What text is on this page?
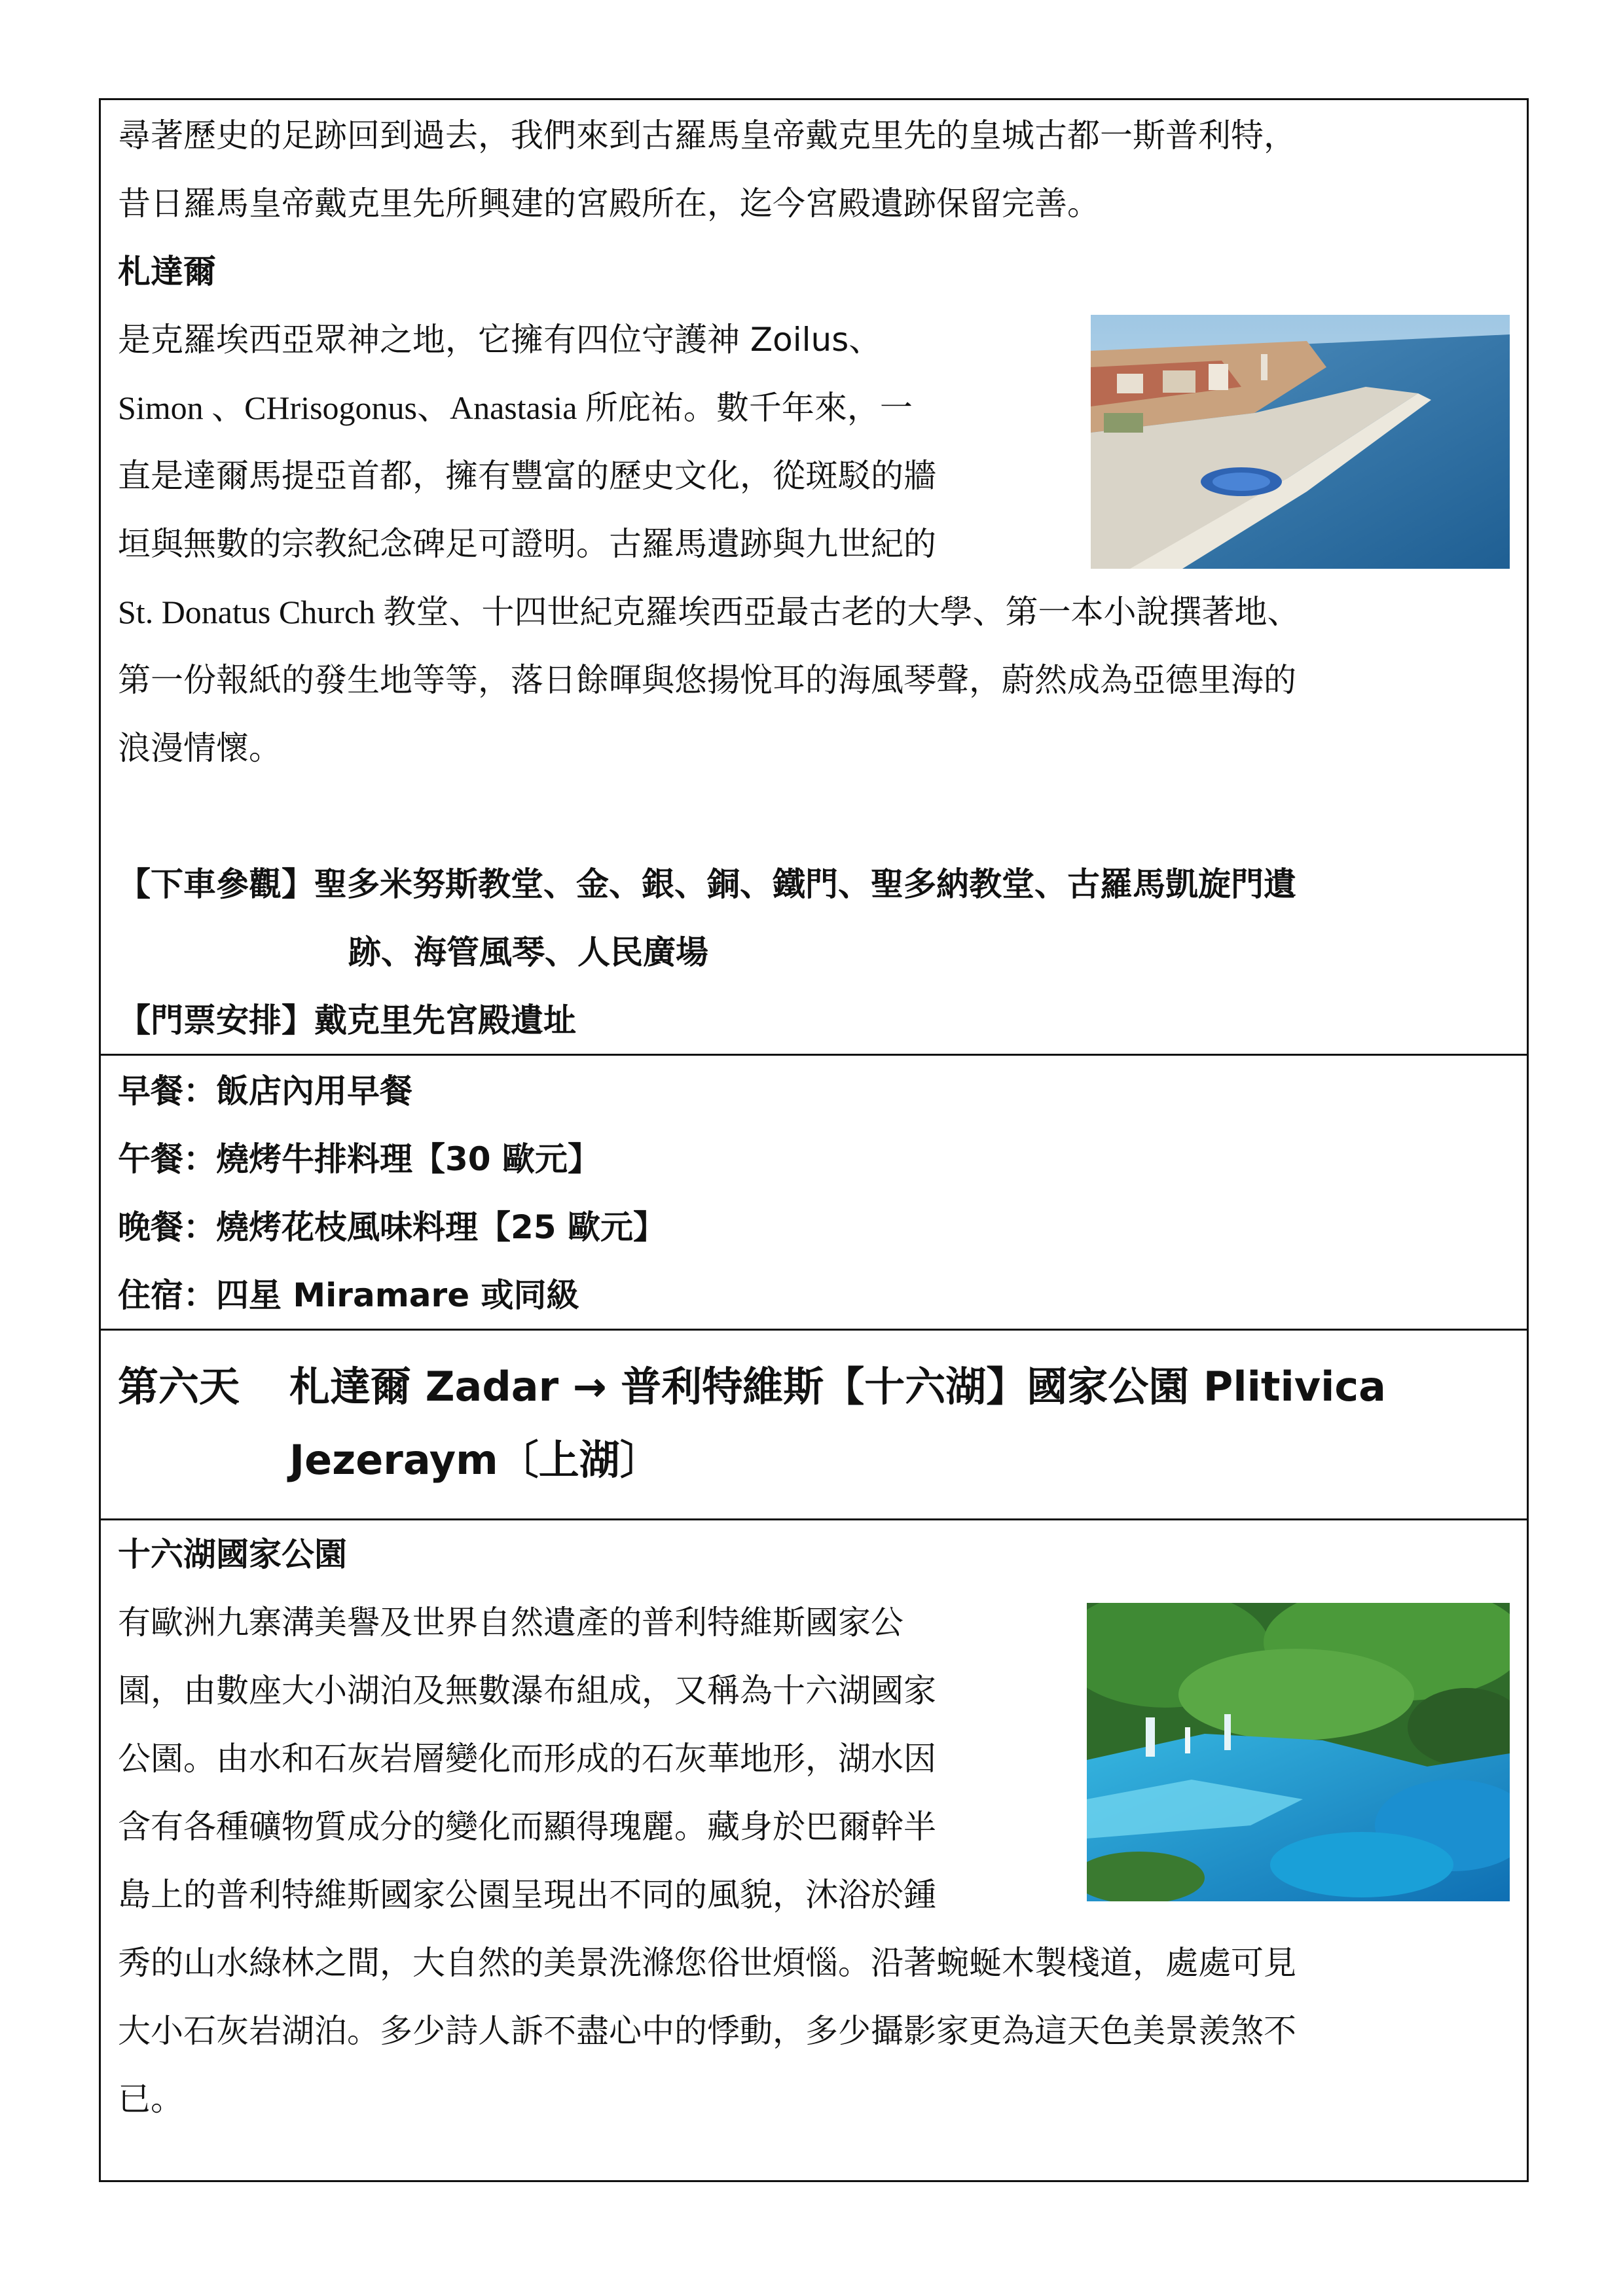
尋著歷史的足跡回到過去，我們來到古羅馬皇帝戴克里先的皇城古都一斯普利特，
昔日羅馬皇帝戴克里先所興建的宮殿所在，迄今宮殿遺跡保留完善。
札達爾
是克羅埃西亞眾神之地，它擁有四位守護神 Zoilus、
Simon 、CHrisogonus、Anastasia 所庇祐。數千年來，一
直是達爾馬提亞首都，擁有豐富的歷史文化，從斑駁的牆
垣與無數的宗教紀念碑足可證明。古羅馬遺跡與九世紀的
St. Donatus Church 教堂、十四世紀克羅埃西亞最古老的大學、第一本小說撰著地、
第一份報紙的發生地等等，落日餘暉與悠揚悅耳的海風琴聲，蔚然成為亞德里海的
浪漫情懷。
【下車參觀】聖多米努斯教堂、金、銀、銅、鐵門、聖多納教堂、古羅馬凱旋門遺
跡、海管風琴、人民廣場
【門票安排】戴克里先宮殿遺址
早餐：飯店內用早餐
午餐：燒烤牛排料理【30 歐元】
晚餐：燒烤花枝風味料理【25 歐元】
住宿：四星 Miramare 或同級
第六天 札達爾 Zadar → 普利特維斯【十六湖】國家公園 Plitivica
Jezeraym〔上湖〕
十六湖國家公園
有歐洲九寨溝美譽及世界自然遺產的普利特維斯國家公
園，由數座大小湖泊及無數瀑布組成，又稱為十六湖國家
公園。由水和石灰岩層變化而形成的石灰華地形，湖水因
含有各種礦物質成分的變化而顯得瑰麗。藏身於巴爾幹半
島上的普利特維斯國家公園呈現出不同的風貌，沐浴於鍾
秀的山水綠林之間，大自然的美景洗滌您俗世煩惱。沿著蜿蜒木製棧道，處處可見
大小石灰岩湖泊。多少詩人訴不盡心中的悸動，多少攝影家更為這天色美景羨煞不
已。
